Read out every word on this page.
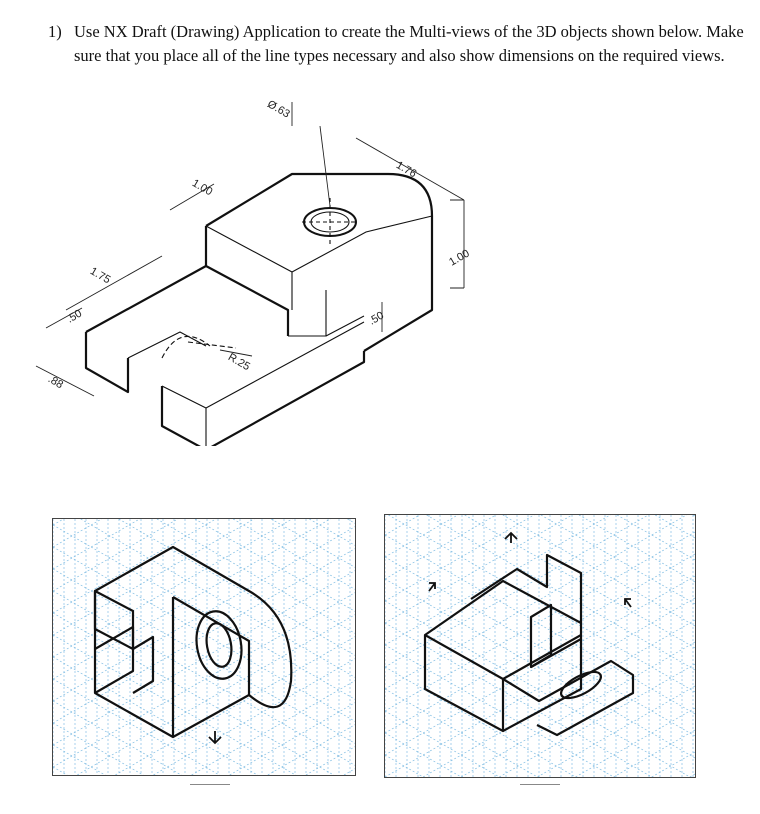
1) Use NX Draft (Drawing) Application to create the Multi-views of the 3D objects shown below. Make sure that you place all of the line types necessary and also show dimensions on the required views.
Ø.63
1.76
1.00
1.00
1.75
.50
.88
R.25
.50
